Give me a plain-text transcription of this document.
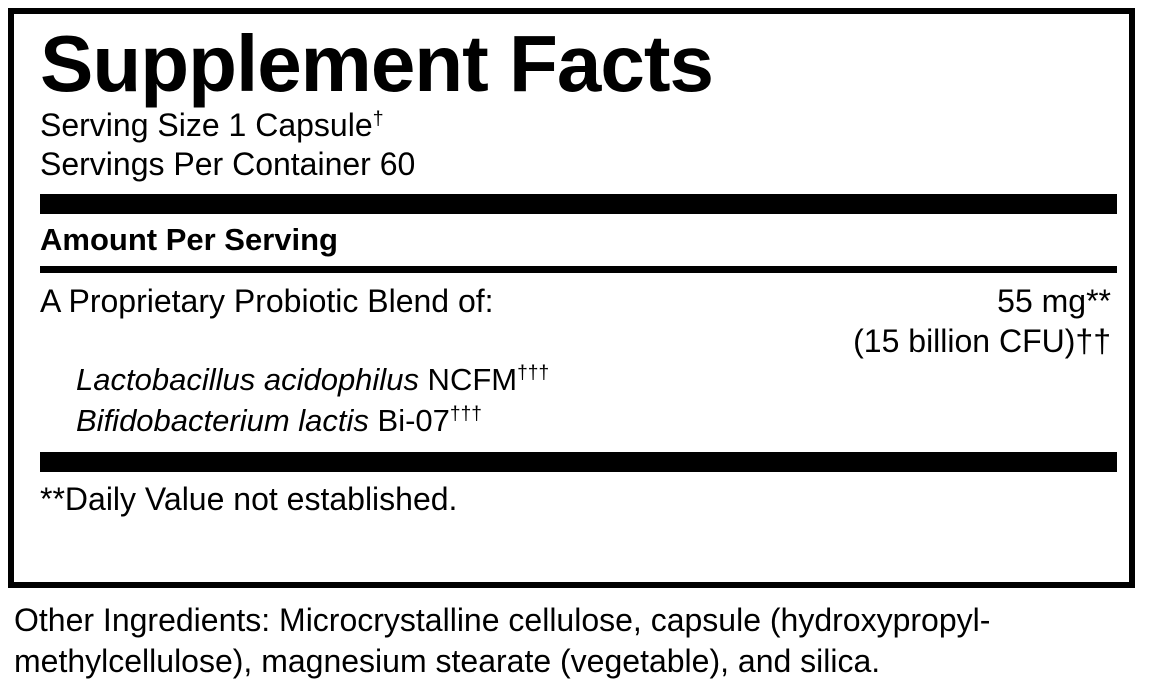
Supplement Facts
Serving Size 1 Capsule†
Servings Per Container 60
Amount Per Serving
A Proprietary Probiotic Blend of:	55 mg**
(15 billion CFU)††
Lactobacillus acidophilus NCFM†††
Bifidobacterium lactis Bi-07†††
**Daily Value not established.
Other Ingredients: Microcrystalline cellulose, capsule (hydroxypropyl-methylcellulose), magnesium stearate (vegetable), and silica.
